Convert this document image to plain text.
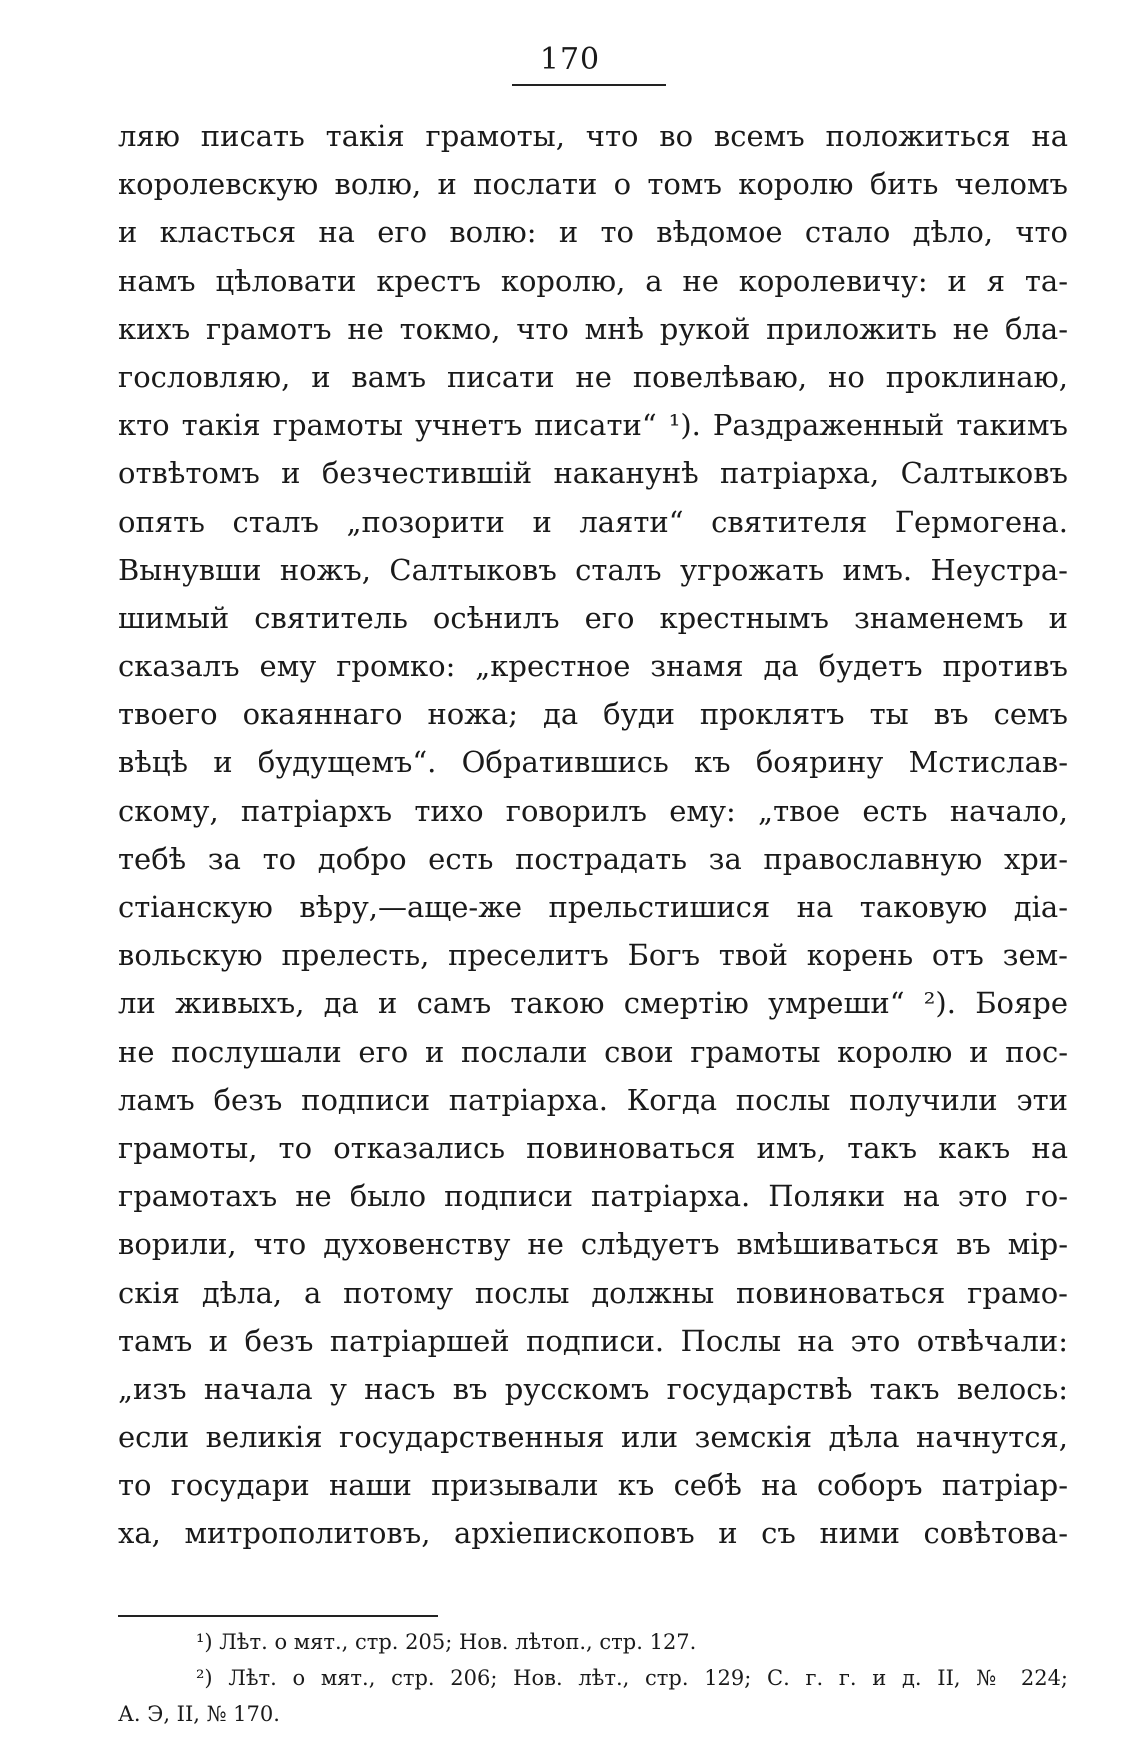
170
ляю писать такія грамоты, что во всемъ положиться на
королевскую волю, и послати о томъ королю бить челомъ
и класться на его волю: и то вѣдомое стало дѣло, что
намъ цѣловати крестъ королю, а не королевичу: и я та-
кихъ грамотъ не токмо, что мнѣ рукой приложить не бла-
гословляю, и вамъ писати не повелѣваю, но проклинаю,
кто такія грамоты учнетъ писати“ ¹). Раздраженный такимъ
отвѣтомъ и безчестившій наканунѣ патріарха, Салтыковъ
опять сталъ „позорити и лаяти“ святителя Гермогена.
Вынувши ножъ, Салтыковъ сталъ угрожать имъ. Неустра-
шимый святитель осѣнилъ его крестнымъ знаменемъ и
сказалъ ему громко: „крестное знамя да будетъ противъ
твоего окаяннаго ножа; да буди проклятъ ты въ семъ
вѣцѣ и будущемъ“. Обратившись къ боярину Мстислав-
скому, патріархъ тихо говорилъ ему: „твое есть начало,
тебѣ за то добро есть пострадать за православную хри-
стіанскую вѣру,—аще-же прельстишися на таковую діа-
вольскую прелесть, преселитъ Богъ твой корень отъ зем-
ли живыхъ, да и самъ такою смертію умреши“ ²). Бояре
не послушали его и послали свои грамоты королю и пос-
ламъ безъ подписи патріарха. Когда послы получили эти
грамоты, то отказались повиноваться имъ, такъ какъ на
грамотахъ не было подписи патріарха. Поляки на это го-
ворили, что духовенству не слѣдуетъ вмѣшиваться въ мір-
скія дѣла, а потому послы должны повиноваться грамо-
тамъ и безъ патріаршей подписи. Послы на это отвѣчали:
„изъ начала у насъ въ русскомъ государствѣ такъ велось:
если великія государственныя или земскія дѣла начнутся,
то государи наши призывали къ себѣ на соборъ патріар-
ха, митрополитовъ, архіепископовъ и съ ними совѣтова-
¹) Лѣт. о мят., стр. 205; Нов. лѣтоп., стр. 127.
²) Лѣт. о мят., стр. 206; Нов. лѣт., стр. 129; С. г. г. и д. II, № 224;
А. Э, II, № 170.
